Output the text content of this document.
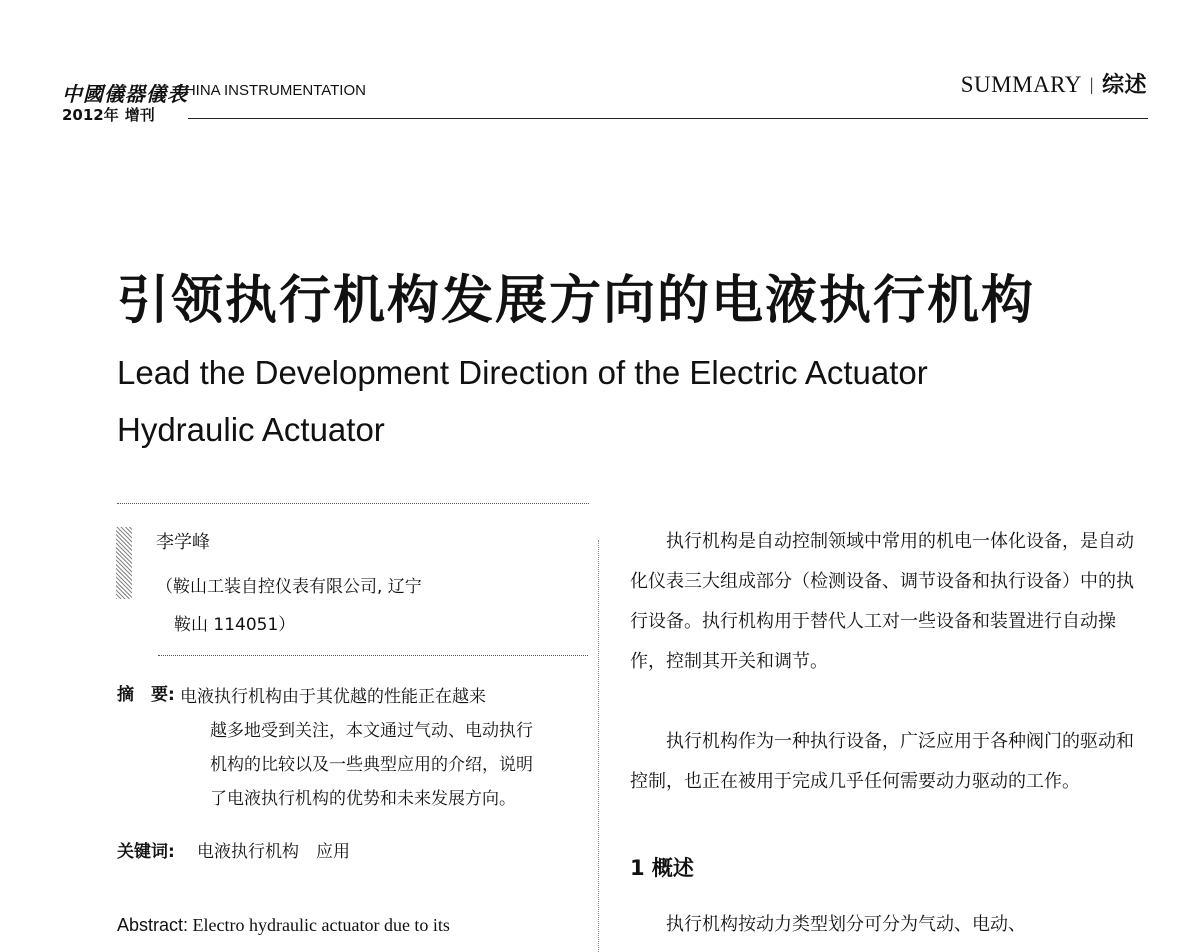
中國儀器儀表
CHINA INSTRUMENTATION
2012年 增刊
SUMMARY | 综述
引领执行机构发展方向的电液执行机构
Lead the Development Direction of the Electric Actuator
Hydraulic Actuator
李学峰
（鞍山工装自控仪表有限公司, 辽宁
鞍山 114051）
摘　要: 电液执行机构由于其优越的性能正在越来
越多地受到关注，本文通过气动、电动执行
机构的比较以及一些典型应用的介绍，说明
了电液执行机构的优势和未来发展方向。
关键词: 电液执行机构　应用
Abstract: Electro hydraulic actuator due to its

执行机构是自动控制领域中常用的机电一体化设备，是自动化仪表三大组成部分（检测设备、调节设备和执行设备）中的执行设备。执行机构用于替代人工对一些设备和装置进行自动操作，控制其开关和调节。

执行机构作为一种执行设备，广泛应用于各种阀门的驱动和控制，也正在被用于完成几乎任何需要动力驱动的工作。

1 概述

执行机构按动力类型划分可分为气动、电动、
